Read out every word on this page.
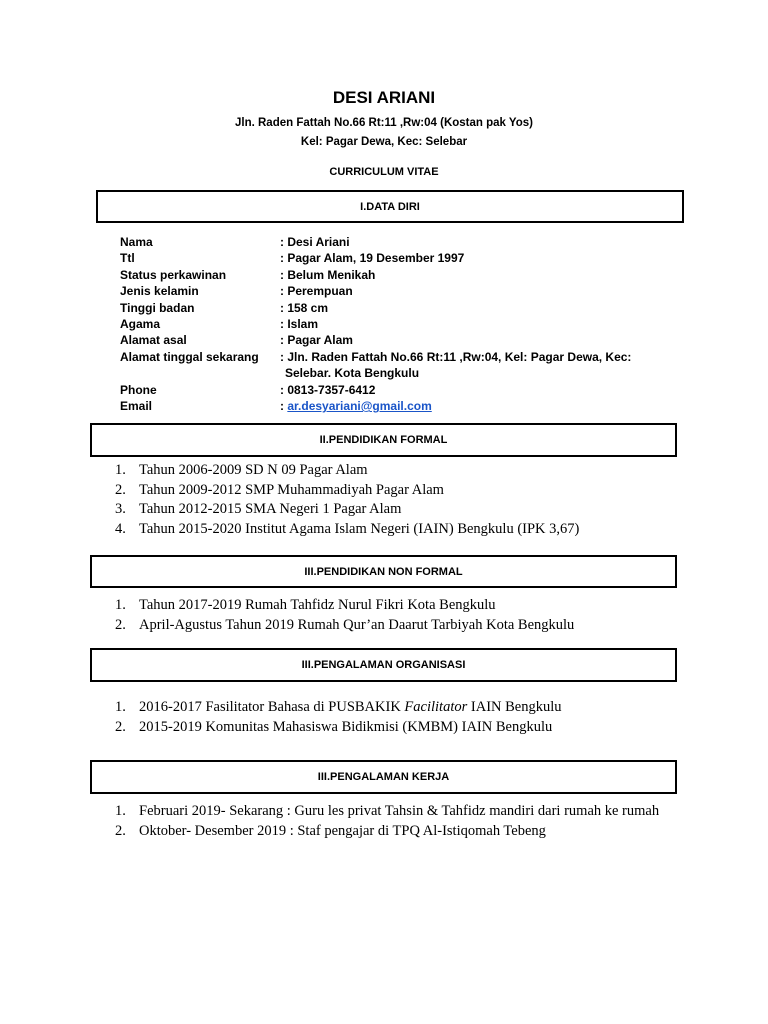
DESI ARIANI
Jln. Raden Fattah No.66 Rt:11 ,Rw:04 (Kostan pak Yos)
Kel: Pagar Dewa, Kec: Selebar
CURRICULUM VITAE
I.DATA DIRI
Nama	: Desi Ariani
Ttl	: Pagar Alam, 19 Desember 1997
Status perkawinan	: Belum Menikah
Jenis kelamin	: Perempuan
Tinggi badan	: 158 cm
Agama	: Islam
Alamat asal	: Pagar Alam
Alamat tinggal sekarang	: Jln. Raden Fattah No.66 Rt:11 ,Rw:04, Kel: Pagar Dewa, Kec:
Selebar. Kota Bengkulu
Phone	: 0813-7357-6412
Email	: ar.desyariani@gmail.com
II.PENDIDIKAN FORMAL
1. Tahun 2006-2009 SD N 09 Pagar Alam
2. Tahun 2009-2012 SMP Muhammadiyah Pagar Alam
3. Tahun 2012-2015 SMA Negeri 1 Pagar Alam
4. Tahun 2015-2020 Institut Agama Islam Negeri (IAIN) Bengkulu (IPK 3,67)
III.PENDIDIKAN NON FORMAL
1. Tahun 2017-2019 Rumah Tahfidz Nurul Fikri Kota Bengkulu
2. April-Agustus Tahun 2019 Rumah Qur’an Daarut Tarbiyah Kota Bengkulu
III.PENGALAMAN ORGANISASI
1. 2016-2017 Fasilitator Bahasa di PUSBAKIK Facilitator IAIN Bengkulu
2. 2015-2019 Komunitas Mahasiswa Bidikmisi (KMBM) IAIN Bengkulu
III.PENGALAMAN KERJA
1. Februari 2019- Sekarang : Guru les privat Tahsin & Tahfidz mandiri dari rumah ke rumah
2. Oktober- Desember 2019 : Staf pengajar di TPQ Al-Istiqomah Tebeng
